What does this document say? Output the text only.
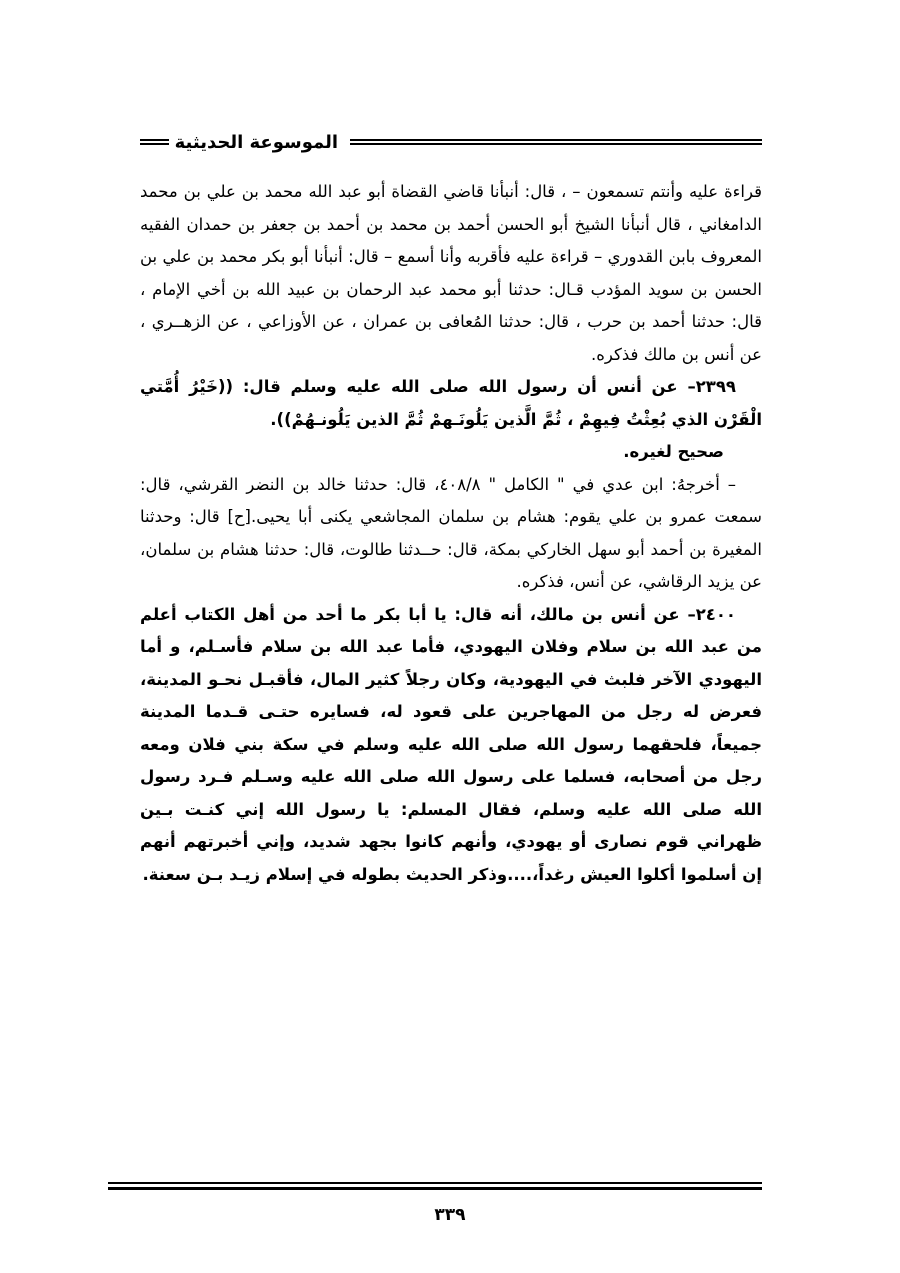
الموسوعة الحديثية

قراءة عليه وأنتم تسمعون – ، قال: أنبأنا قاضي القضاة أبو عبد الله محمد بن علي بن محمد الدامغاني ، قال أنبأنا الشيخ أبو الحسن أحمد بن محمد بن أحمد بن جعفر بن حمدان الفقيه المعروف بابن القدوري – قراءة عليه فأقربه وأنا أسمع – قال: أنبأنا أبو بكر محمد بن علي بن الحسن بن سويد المؤدب قـال: حدثنا أبو محمد عبد الرحمان بن عبيد الله بن أخي الإمام ، قال: حدثنا أحمد بن حرب ، قال: حدثنا المُعافى بن عمران ، عن الأوزاعي ، عن الزهــري ، عن أنس بن مالك فذكره.

٢٣٩٩– عن أنس أن رسول الله صلى الله عليه وسلم قال: ((خَيْرُ أُمَّتي الْقَرْن الذي بُعِثْتُ فِيهِمْ ، ثُمَّ الَّذين يَلُونَـهمْ ثُمَّ الذين يَلُونـهُمْ)).

صحيح لغيره.

– أخرجهُ: ابن عدي في " الكامل " ٤٠٨/٨، قال: حدثنا خالد بن النضر القرشي، قال: سمعت عمرو بن علي يقوم: هشام بن سلمان المجاشعي يكنى أبا يحيى.[ح] قال: وحدثنا المغيرة بن أحمد أبو سهل الخاركي بمكة، قال: حــدثنا طالوت، قال: حدثنا هشام بن سلمان، عن يزيد الرقاشي، عن أنس، فذكره.

٢٤٠٠– عن أنس بن مالك، أنه قال: يا أبا بكر ما أحد من أهل الكتاب أعلم من عبد الله بن سلام وفلان اليهودي، فأما عبد الله بن سلام فأسـلم، و أما اليهودي الآخر فلبث في اليهودية، وكان رجلاً كثير المال، فأقبـل نحـو المدينة، فعرض له رجل من المهاجرين على قعود له، فسايره حتـى قـدما المدينة جميعاً، فلحقهما رسول الله صلى الله عليه وسلم في سكة بني فلان ومعه رجل من أصحابه، فسلما على رسول الله صلى الله عليه وسـلم فـرد رسول الله صلى الله عليه وسلم، فقال المسلم: يا رسول الله إني كنـت بـين ظهراني قوم نصارى أو يهودي، وأنهم كانوا بجهد شديد، وإني أخبرتهم أنهم إن أسلموا أكلوا العيش رغداً،....وذكر الحديث بطوله في إسلام زيـد بـن سعنة.

٣٣٩
